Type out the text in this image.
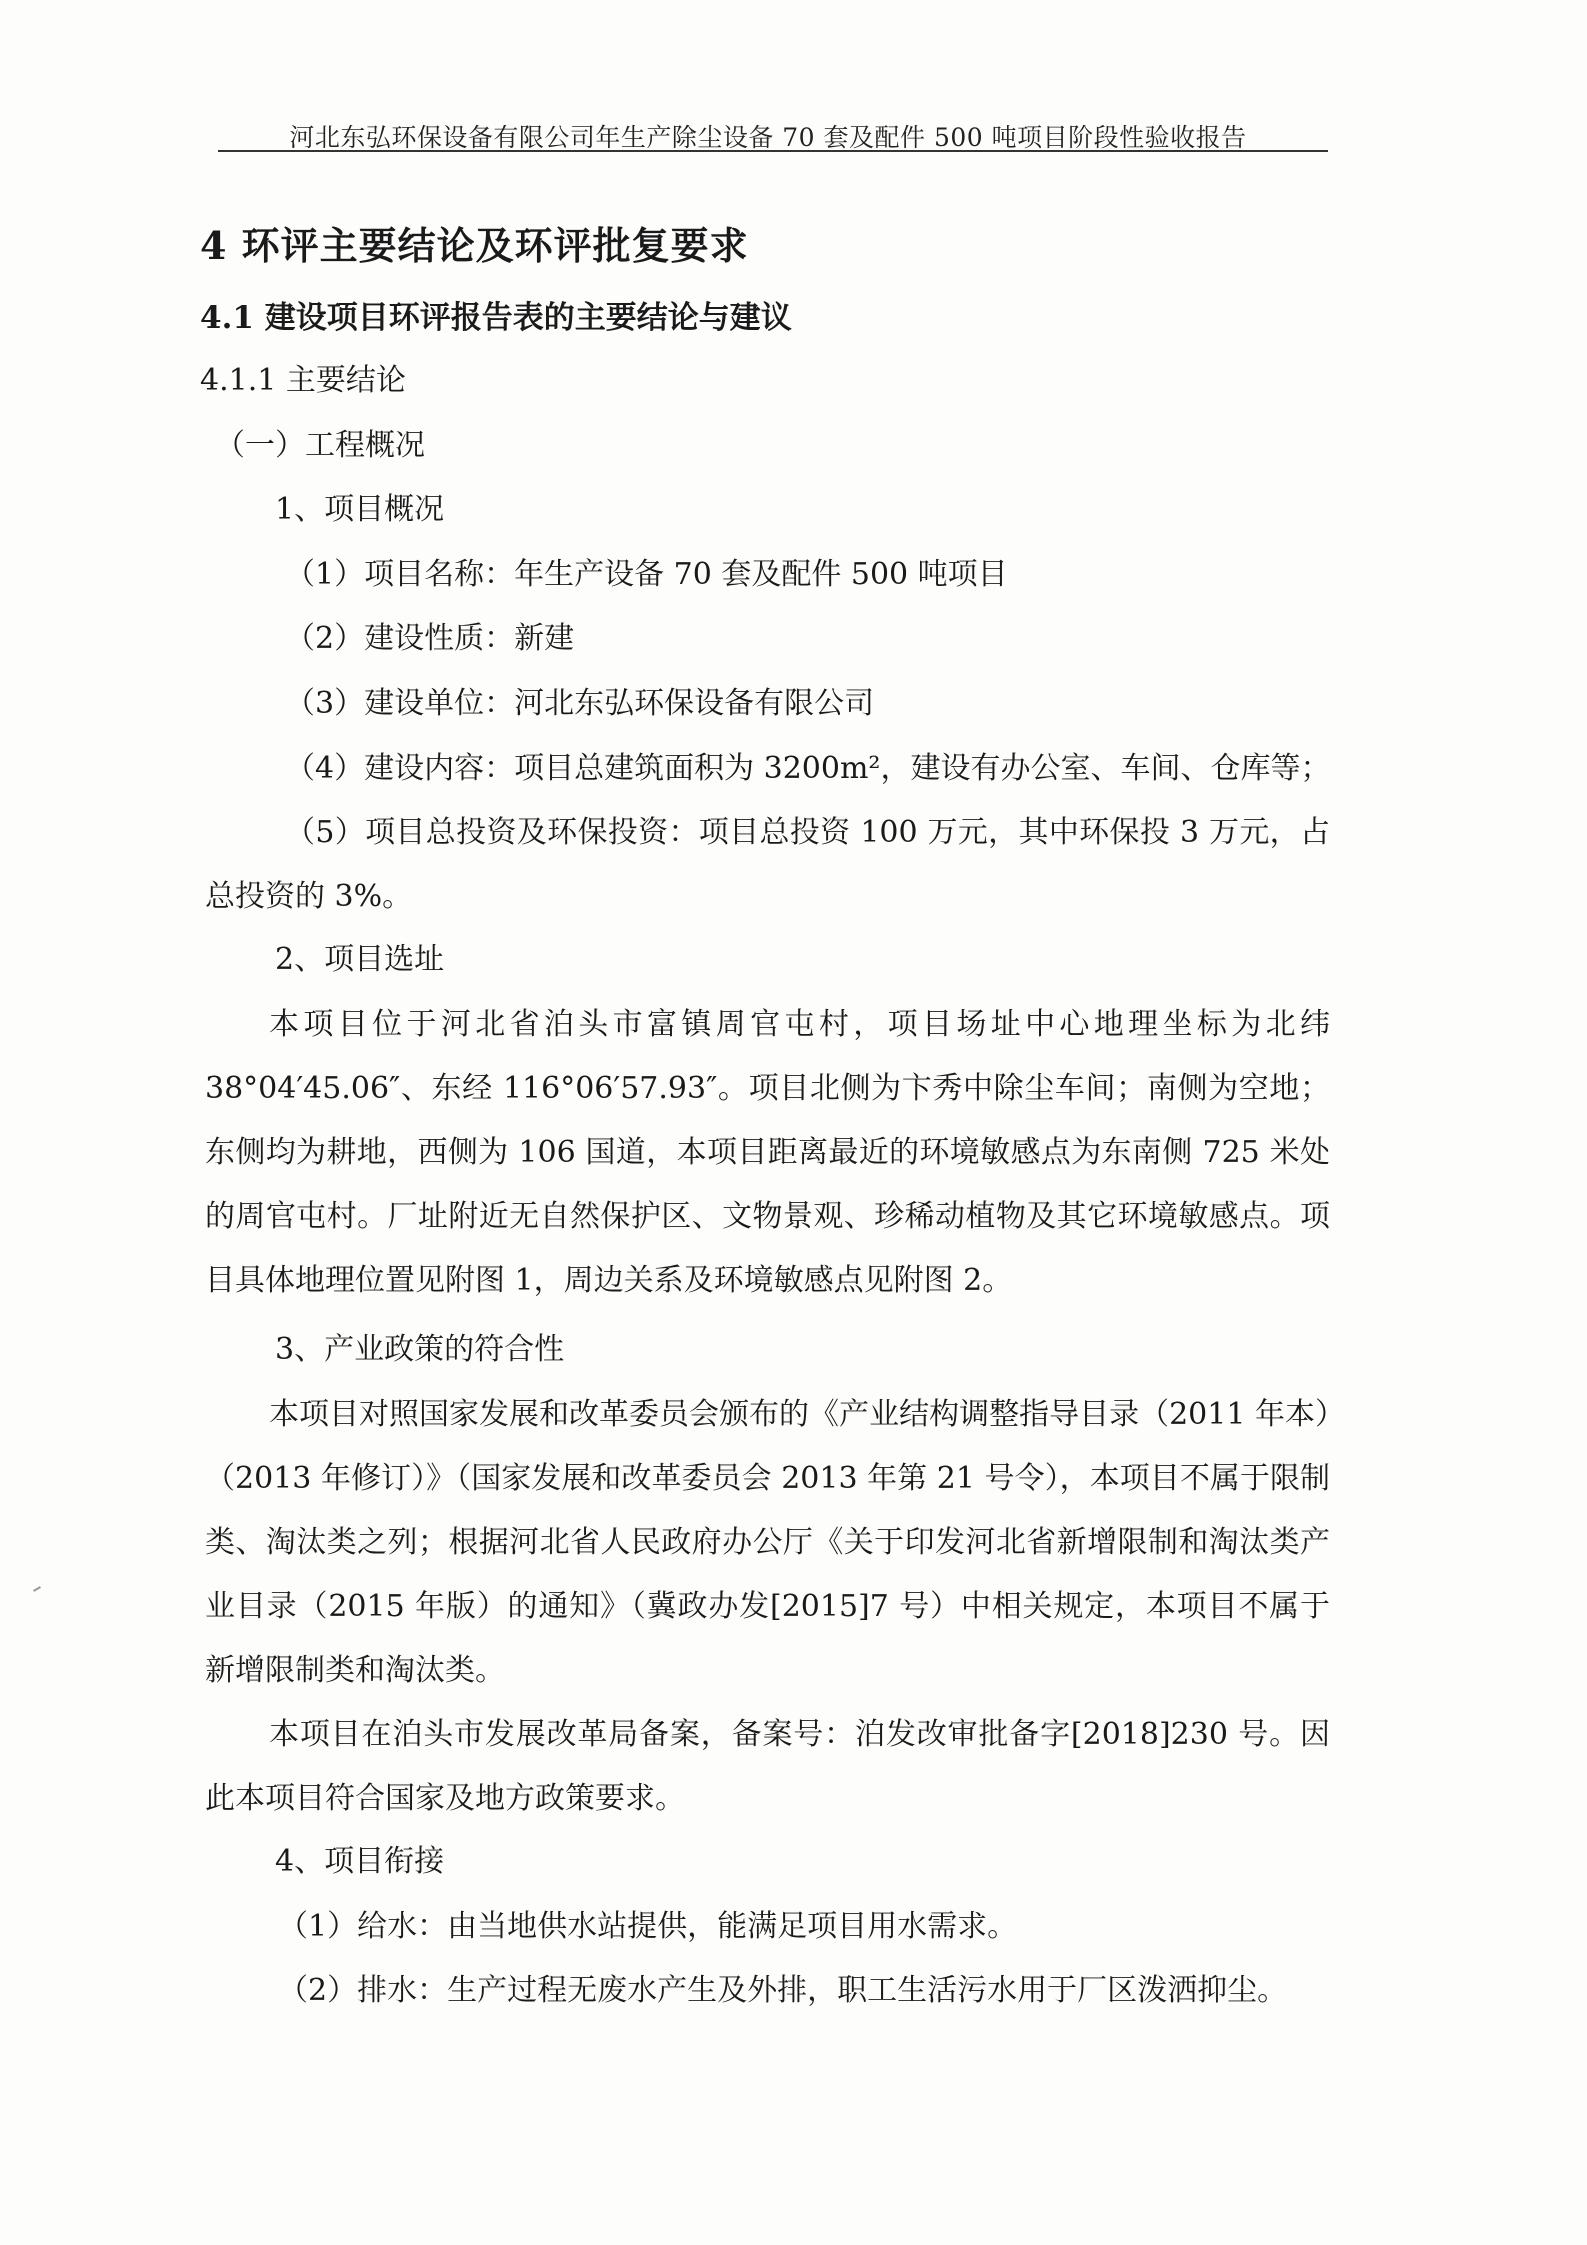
河北东弘环保设备有限公司年生产除尘设备 70 套及配件 500 吨项目阶段性验收报告
4 环评主要结论及环评批复要求
4.1 建设项目环评报告表的主要结论与建议
4.1.1 主要结论
（一）工程概况
1、项目概况
（1）项目名称：年生产设备 70 套及配件 500 吨项目
（2）建设性质：新建
（3）建设单位：河北东弘环保设备有限公司
（4）建设内容：项目总建筑面积为 3200m²，建设有办公室、车间、仓库等；

（5）项目总投资及环保投资：项目总投资 100 万元，其中环保投 3 万元，占总投资的 3%。

2、项目选址

本项目位于河北省泊头市富镇周官屯村，项目场址中心地理坐标为北纬 38°04′45.06″、东经 116°06′57.93″。项目北侧为卞秀中除尘车间；南侧为空地；东侧均为耕地，西侧为 106 国道，本项目距离最近的环境敏感点为东南侧 725 米处的周官屯村。厂址附近无自然保护区、文物景观、珍稀动植物及其它环境敏感点。项目具体地理位置见附图 1，周边关系及环境敏感点见附图 2。

3、产业政策的符合性

本项目对照国家发展和改革委员会颁布的《产业结构调整指导目录（2011 年本）（2013 年修订）》（国家发展和改革委员会 2013 年第 21 号令），本项目不属于限制类、淘汰类之列；根据河北省人民政府办公厅《关于印发河北省新增限制和淘汰类产业目录（2015 年版）的通知》（冀政办发[2015]7 号）中相关规定，本项目不属于新增限制类和淘汰类。

本项目在泊头市发展改革局备案，备案号：泊发改审批备字[2018]230 号。因此本项目符合国家及地方政策要求。

4、项目衔接
（1）给水：由当地供水站提供，能满足项目用水需求。
（2）排水：生产过程无废水产生及外排，职工生活污水用于厂区泼洒抑尘。
